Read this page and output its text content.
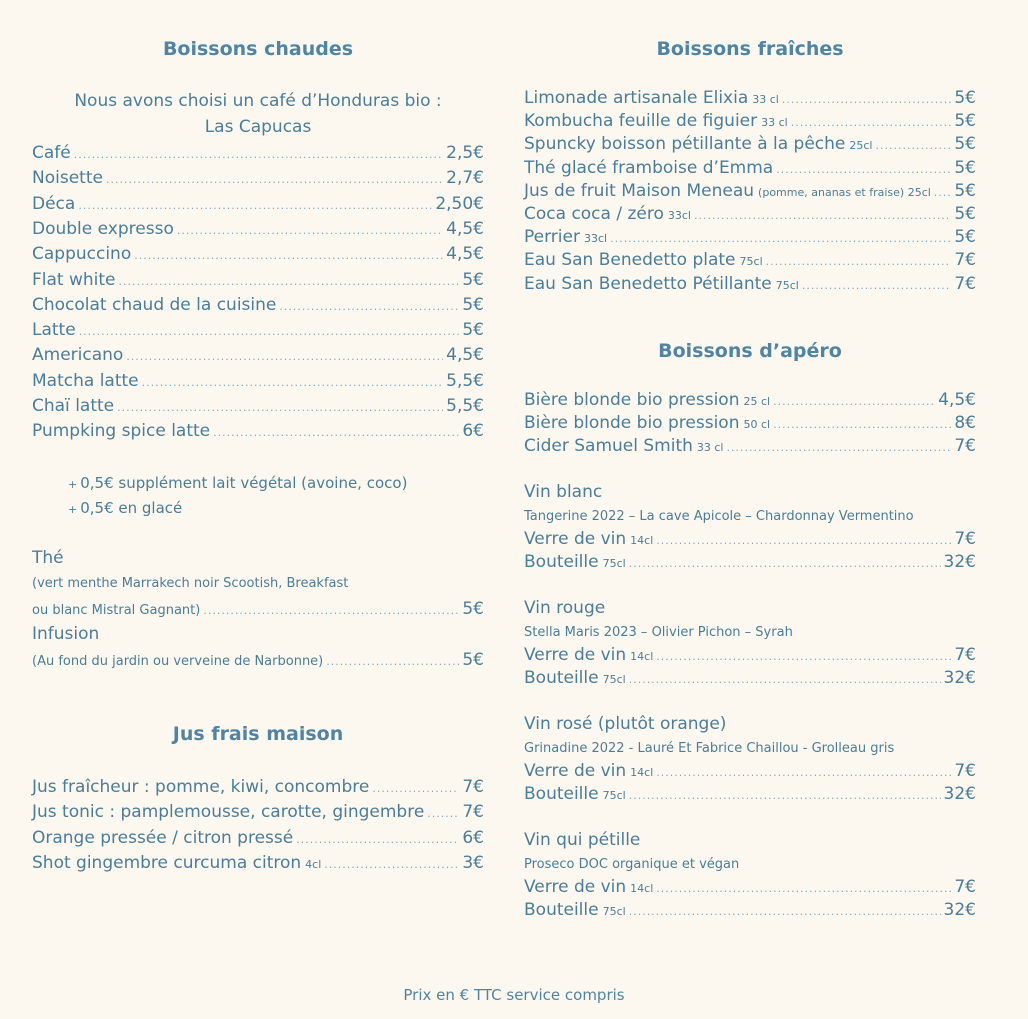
Boissons chaudes
Nous avons choisi un café d’Honduras bio :
Las Capucas
Café .....	2,5€
Noisette .....	2,7€
Déca .....	2,50€
Double expresso .....	4,5€
Cappuccino .....	4,5€
Flat white .....	5€
Chocolat chaud de la cuisine .....	5€
Latte .....	5€
Americano .....	4,5€
Matcha latte .....	5,5€
Chaï latte .....	5,5€
Pumpking spice latte .....	6€
+ 0,5€ supplément lait végétal (avoine, coco)
+ 0,5€ en glacé
Thé
(vert menthe Marrakech noir Scootish, Breakfast
ou blanc Mistral Gagnant) .....	5€
Infusion
(Au fond du jardin ou verveine de Narbonne) .....	5€
Jus frais maison
Jus fraîcheur : pomme, kiwi, concombre .....	7€
Jus tonic : pamplemousse, carotte, gingembre ..... 7€
Orange pressée / citron pressé .....	6€
Shot gingembre curcuma citron 4cl .....	3€
Boissons fraîches
Limonade artisanale Elixia 33 cl .....	5€
Kombucha feuille de figuier 33 cl .....	5€
Spuncky boisson pétillante à la pêche 25cl .....	5€
Thé glacé framboise d’Emma .....	5€
Jus de fruit Maison Meneau (pomme, ananas et fraise) 25cl ..... 5€
Coca coca / zéro 33cl .....	5€
Perrier 33cl .....	5€
Eau San Benedetto plate 75cl .....	7€
Eau San Benedetto Pétillante 75cl .....	7€
Boissons d’apéro
Bière blonde bio pression 25 cl .....	4,5€
Bière blonde bio pression 50 cl .....	8€
Cider Samuel Smith 33 cl .....	7€
Vin blanc
Tangerine 2022 – La cave Apicole – Chardonnay Vermentino
Verre de vin 14cl .....	7€
Bouteille 75cl .....	32€
Vin rouge
Stella Maris 2023 – Olivier Pichon – Syrah
Verre de vin 14cl .....	7€
Bouteille 75cl .....	32€
Vin rosé (plutôt orange)
Grinadine 2022 - Lauré Et Fabrice Chaillou - Grolleau gris
Verre de vin 14cl .....	7€
Bouteille 75cl .....	32€
Vin qui pétille
Proseco DOC organique et végan
Verre de vin 14cl .....	7€
Bouteille 75cl .....	32€
Prix en € TTC service compris
